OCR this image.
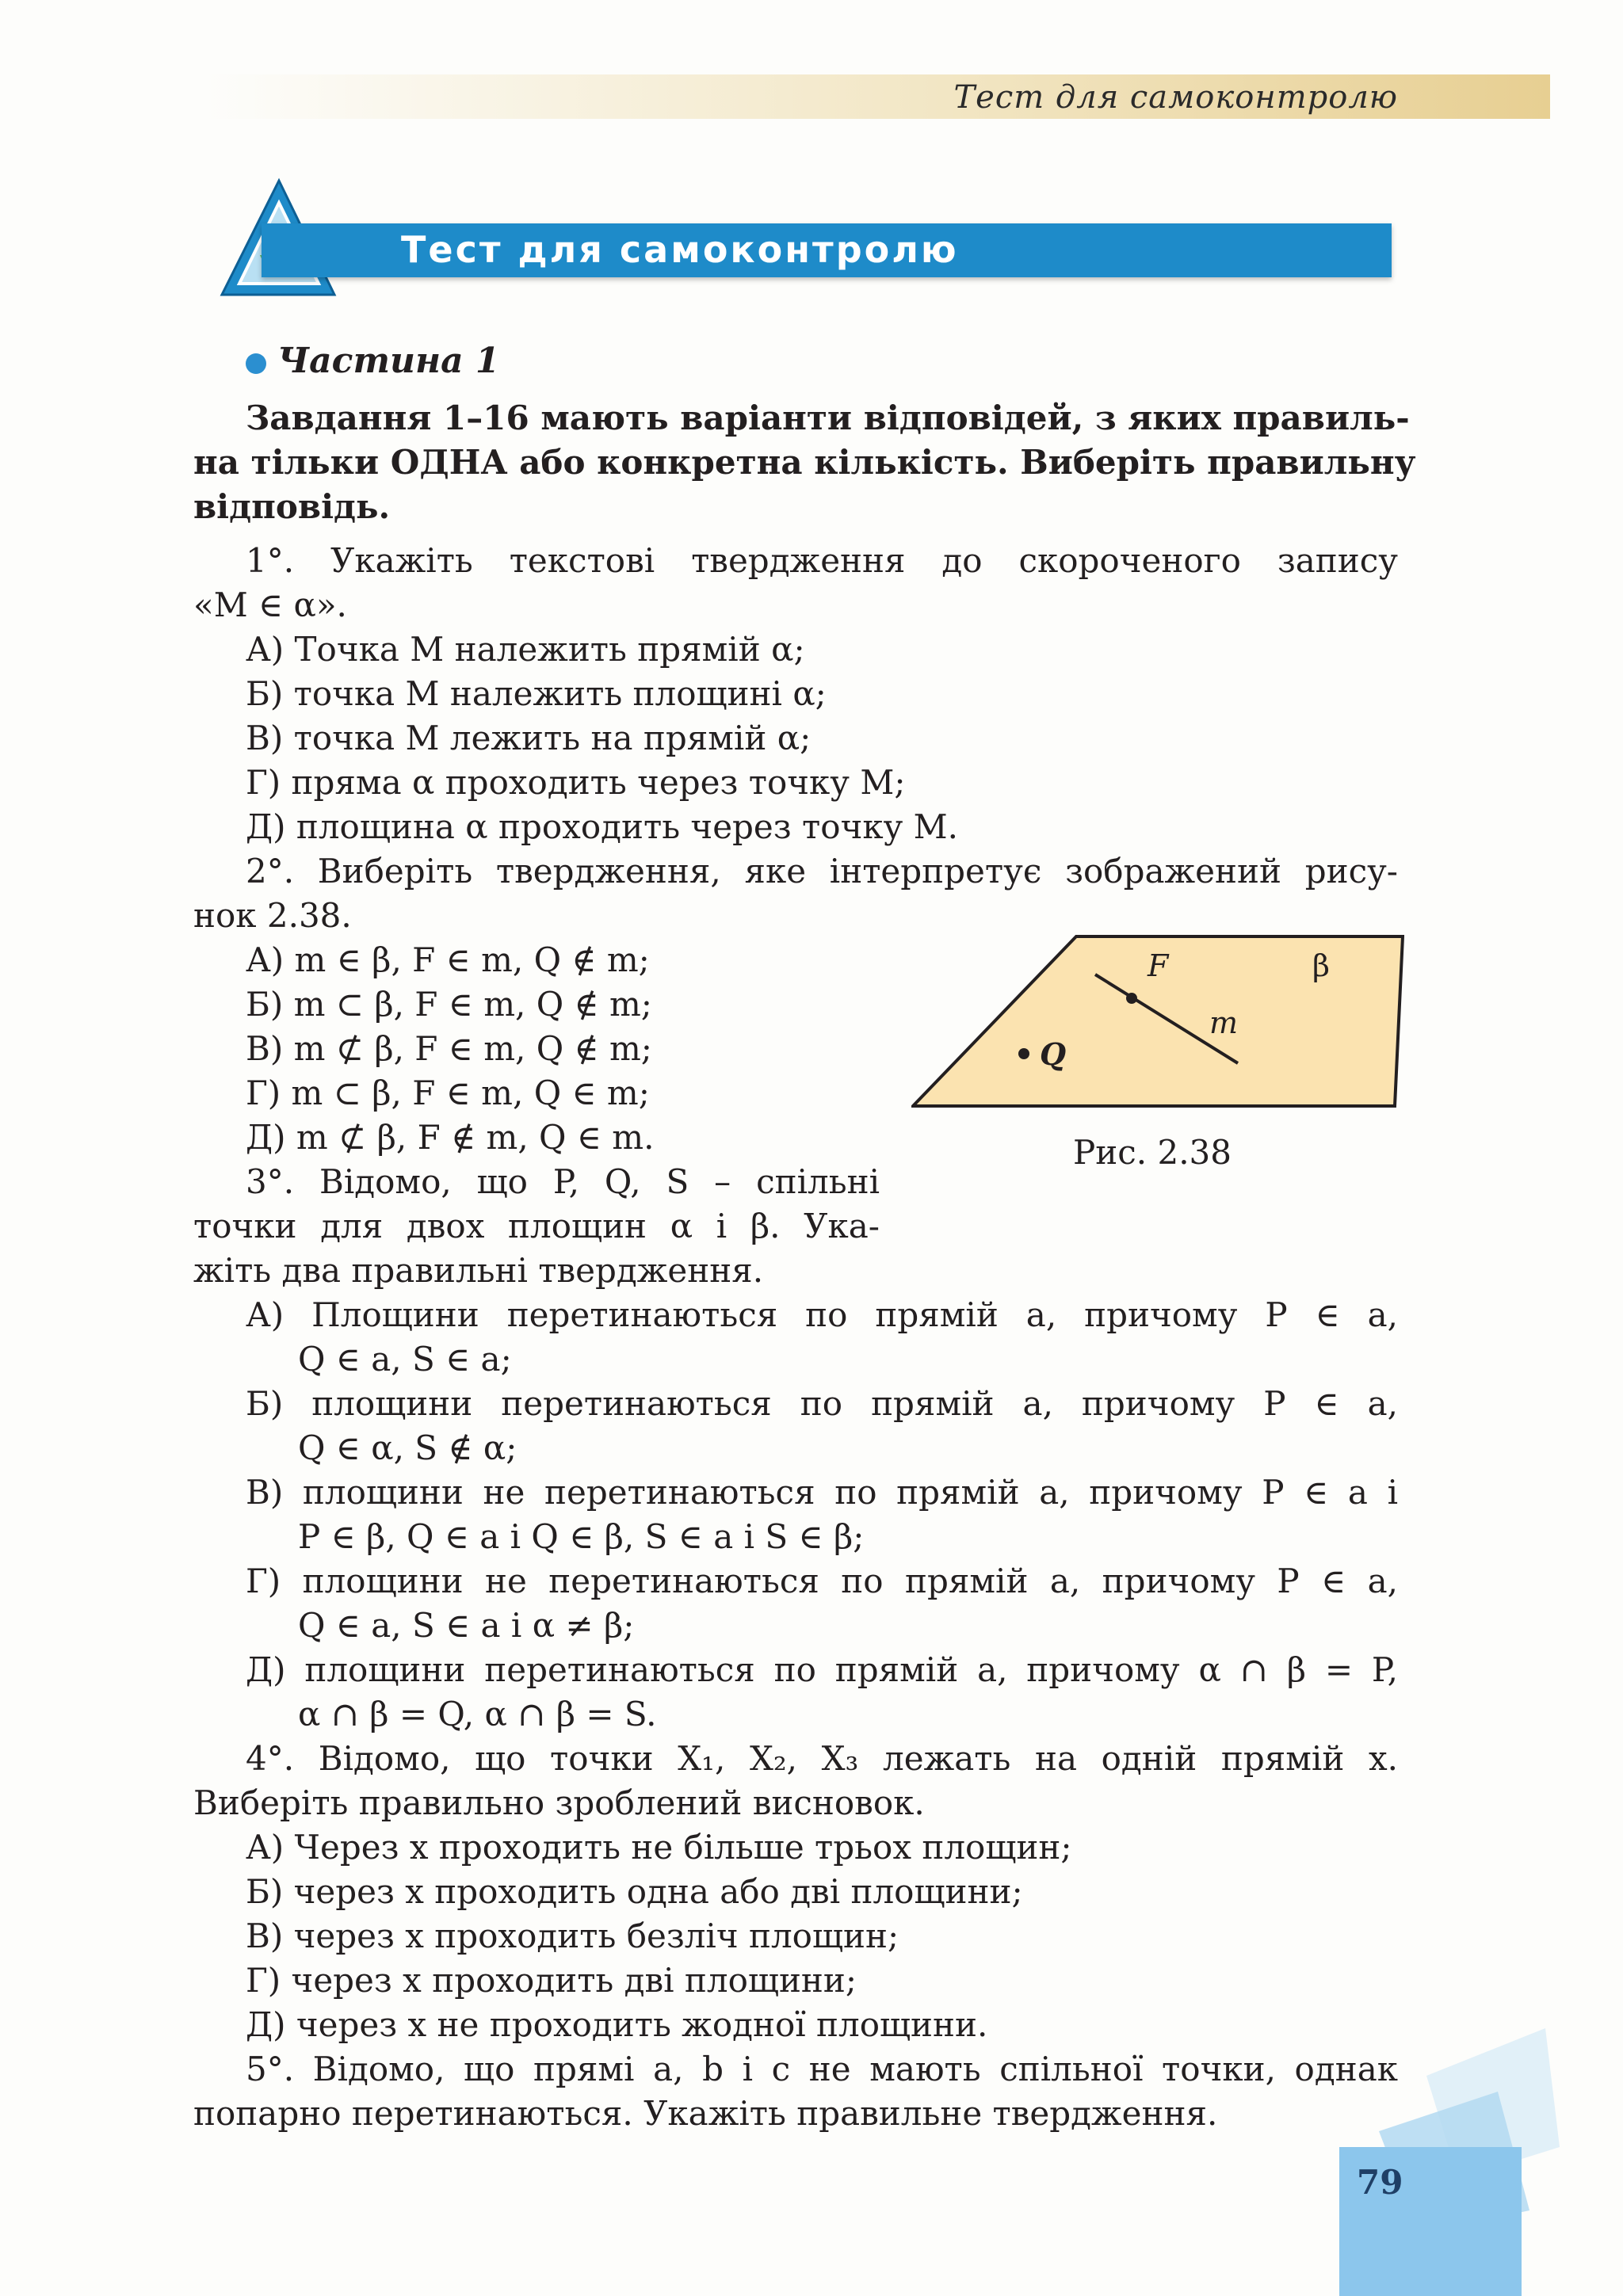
Тест для самоконтролю
Тест для самоконтролю
Частина 1
Завдання 1–16 мають варіанти відповідей, з яких правиль-
на тільки ОДНА або конкретна кількість. Виберіть правильну
відповідь.
1°. Укажіть текстові твердження до скороченого запису
«M ∈ α».
А) Точка M належить прямій α;
Б) точка M належить площині α;
В) точка M лежить на прямій α;
Г) пряма α проходить через точку M;
Д) площина α проходить через точку M.
2°. Виберіть твердження, яке інтерпретує зображений рису-
нок 2.38.
А) m ∈ β, F ∈ m, Q ∉ m;
Б) m ⊂ β, F ∈ m, Q ∉ m;
В) m ⊄ β, F ∈ m, Q ∉ m;
Г) m ⊂ β, F ∈ m, Q ∈ m;
Д) m ⊄ β, F ∉ m, Q ∈ m.
F	β
m
Q
Рис. 2.38
3°. Відомо, що P, Q, S – спільні
точки для двох площин α і β. Ука-
жіть два правильні твердження.
А) Площини перетинаються по прямій a, причому P ∈ a,
Q ∈ a, S ∈ a;
Б) площини перетинаються по прямій a, причому P ∈ a,
Q ∈ α, S ∉ α;
В) площини не перетинаються по прямій a, причому P ∈ a і
P ∈ β, Q ∈ a і Q ∈ β, S ∈ a і S ∈ β;
Г) площини не перетинаються по прямій a, причому P ∈ a,
Q ∈ a, S ∈ a і α ≠ β;
Д) площини перетинаються по прямій a, причому α ∩ β = P,
α ∩ β = Q, α ∩ β = S.
4°. Відомо, що точки X₁, X₂, X₃ лежать на одній прямій x.
Виберіть правильно зроблений висновок.
А) Через x проходить не більше трьох площин;
Б) через x проходить одна або дві площини;
В) через x проходить безліч площин;
Г) через x проходить дві площини;
Д) через x не проходить жодної площини.
5°. Відомо, що прямі a, b і c не мають спільної точки, однак
попарно перетинаються. Укажіть правильне твердження.
79
